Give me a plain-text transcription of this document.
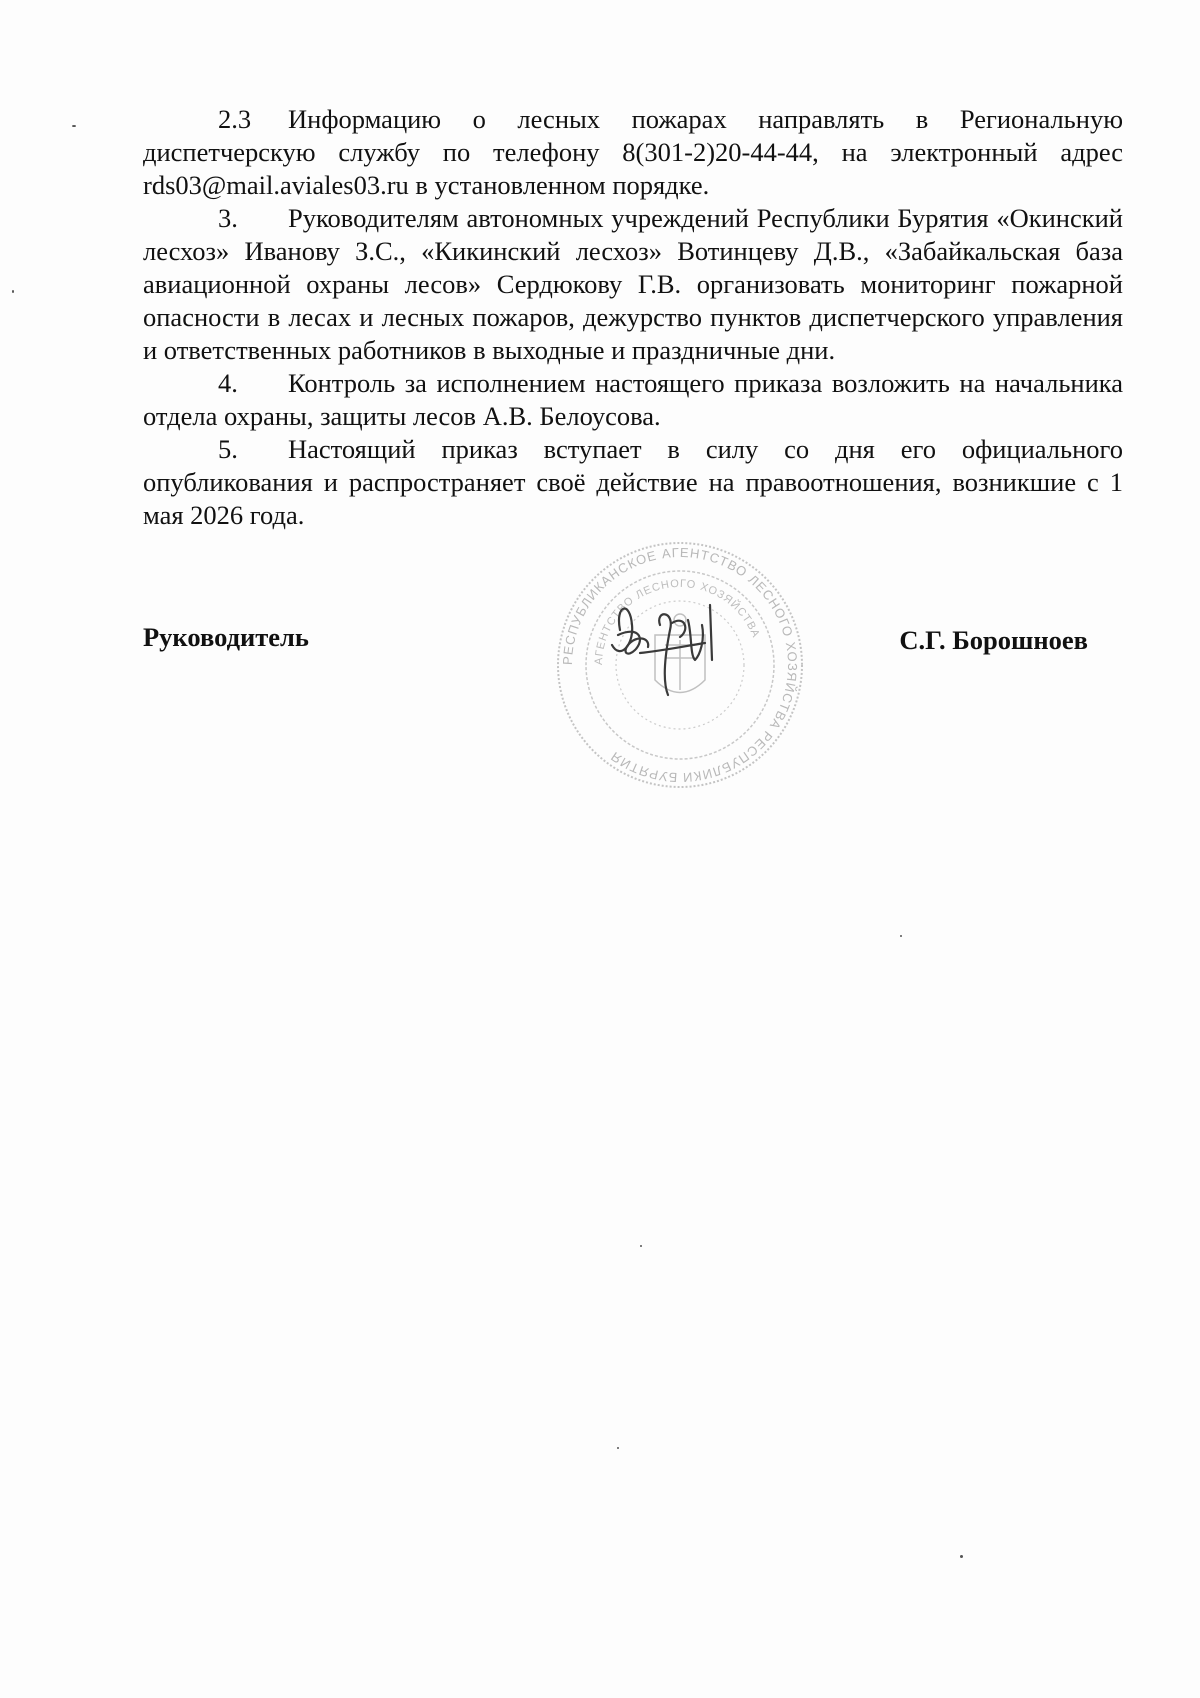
2.3 Информацию о лесных пожарах направлять в Региональную диспетчерскую службу по телефону 8(301-2)20-44-44, на электронный адрес rds03@mail.aviales03.ru в установленном порядке.

3. Руководителям автономных учреждений Республики Бурятия «Окинский лесхоз» Иванову З.С., «Кикинский лесхоз» Вотинцеву Д.В., «Забайкальская база авиационной охраны лесов» Сердюкову Г.В. организовать мониторинг пожарной опасности в лесах и лесных пожаров, дежурство пунктов диспетчерского управления и ответственных работников в выходные и праздничные дни.

4. Контроль за исполнением настоящего приказа возложить на начальника отдела охраны, защиты лесов А.В. Белоусова.

5. Настоящий приказ вступает в силу со дня его официального опубликования и распространяет своё действие на правоотношения, возникшие с 1 мая 2026 года.

РЕСПУБЛИКАНСКОЕ АГЕНТСТВО ЛЕСНОГО ХОЗЯЙСТВА РЕСПУБЛИКИ БУРЯТИЯ
АГЕНТСТВО ЛЕСНОГО ХОЗЯЙСТВА
Руководитель	С.Г. Борошноев
